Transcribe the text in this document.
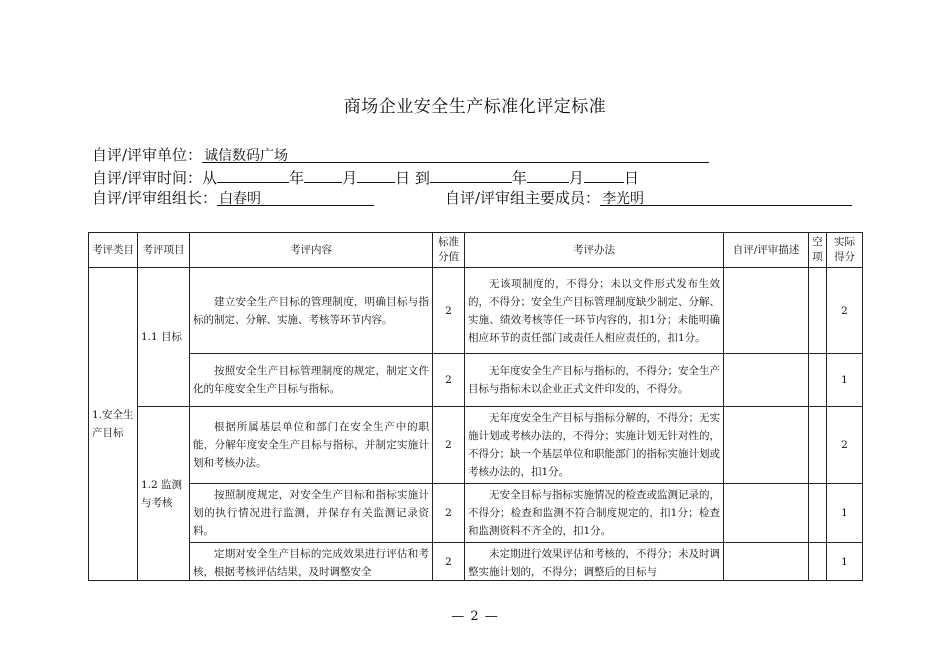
商场企业安全生产标准化评定标准
自评/评审单位： 诚信数码广场
自评/评审时间：从	年	月	日 到	年	月	日
自评/评审组组长： 白春明	自评/评审组主要成员： 李光明
考评类目	考评项目	考评内容	标准分值	考评办法	自评/评审描述	空项	实际得分
1.安全生产目标	1.1 目标	建立安全生产目标的管理制度，明确目标与指标的制定、分解、实施、考核等环节内容。	2	无该项制度的，不得分；未以文件形式发布生效的，不得分；安全生产目标管理制度缺少制定、分解、实施、绩效考核等任一环节内容的，扣1分；未能明确相应环节的责任部门或责任人相应责任的，扣1分。			2
		按照安全生产目标管理制度的规定，制定文件化的年度安全生产目标与指标。	2	无年度安全生产目标与指标的，不得分；安全生产目标与指标未以企业正式文件印发的，不得分。			1
	1.2 监测与考核	根据所属基层单位和部门在安全生产中的职能，分解年度安全生产目标与指标，并制定实施计划和考核办法。	2	无年度安全生产目标与指标分解的，不得分；无实施计划或考核办法的，不得分；实施计划无针对性的，不得分；缺一个基层单位和职能部门的指标实施计划或考核办法的，扣1分。			2
		按照制度规定，对安全生产目标和指标实施计划的执行情况进行监测，并保存有关监测记录资料。	2	无安全目标与指标实施情况的检查或监测记录的，不得分；检查和监测不符合制度规定的，扣1分；检查和监测资料不齐全的，扣1分。			1

		定期对安全生产目标的完成效果进行评估和考核，根据考核评估结果，及时调整安全	2	未定期进行效果评估和考核的，不得分；未及时调整实施计划的，不得分；调整后的目标与			1
— 2 —
